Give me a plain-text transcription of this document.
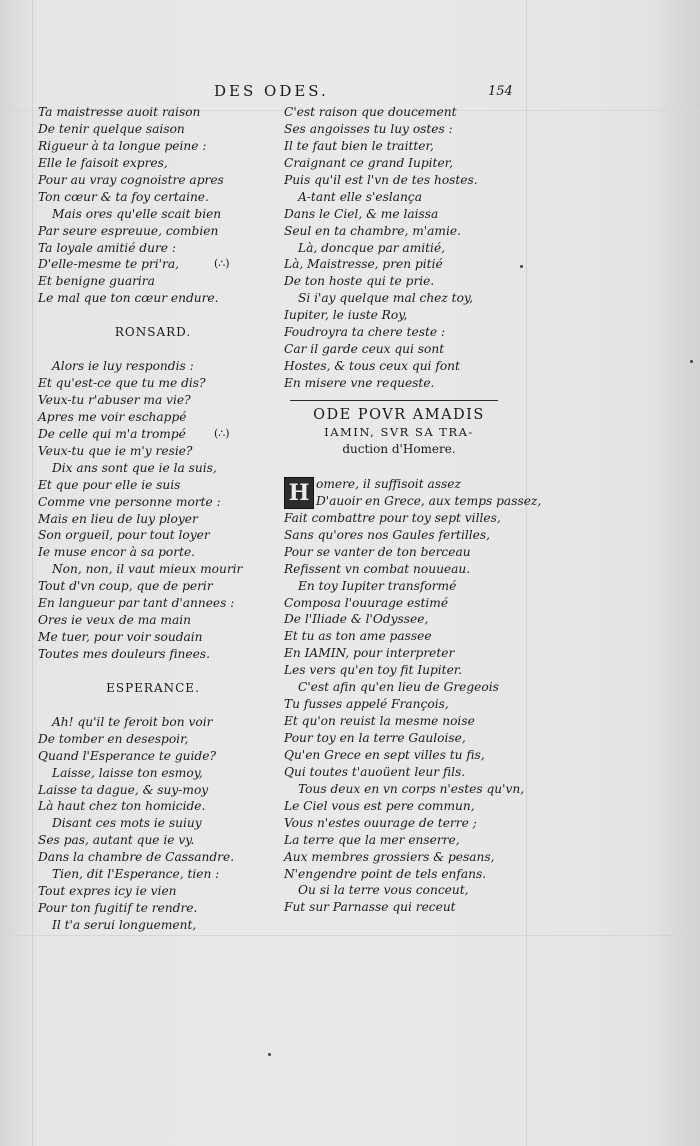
DES ODES.	154
Ta maistresse auoit raison
De tenir quelque saison
Rigueur à ta longue peine :
Elle le faisoit expres,
Pour au vray cognoistre apres
Ton cœur & ta foy certaine.
Mais ores qu'elle scait bien
Par seure espreuue, combien
Ta loyale amitié dure :
D'elle-mesme te pri'ra,	(∴)
Et benigne guarira
Le mal que ton cœur endure.
RONSARD.
Alors ie luy respondis :
Et qu'est-ce que tu me dis?
Veux-tu r'abuser ma vie?
Apres me voir eschappé
De celle qui m'a trompé	(∴)
Veux-tu que ie m'y resie?
Dix ans sont que ie la suis,
Et que pour elle ie suis
Comme vne personne morte :
Mais en lieu de luy ployer
Son orgueil, pour tout loyer
Ie muse encor à sa porte.
Non, non, il vaut mieux mourir
Tout d'vn coup, que de perir
En langueur par tant d'annees :
Ores ie veux de ma main
Me tuer, pour voir soudain
Toutes mes douleurs finees.
ESPERANCE.
Ah! qu'il te feroit bon voir
De tomber en desespoir,
Quand l'Esperance te guide?
Laisse, laisse ton esmoy,
Laisse ta dague, & suy-moy
Là haut chez ton homicide.
Disant ces mots ie suiuy
Ses pas, autant que ie vy.
Dans la chambre de Cassandre.
Tien, dit l'Esperance, tien :
Tout expres icy ie vien
Pour ton fugitif te rendre.
Il t'a serui longuement,
C'est raison que doucement
Ses angoisses tu luy ostes :
Il te faut bien le traitter,
Craignant ce grand Iupiter,
Puis qu'il est l'vn de tes hostes.
A-tant elle s'eslança
Dans le Ciel, & me laissa
Seul en ta chambre, m'amie.
Là, doncque par amitié,
Là, Maistresse, pren pitié
De ton hoste qui te prie.
Si i'ay quelque mal chez toy,
Iupiter, le iuste Roy,
Foudroyra ta chere teste :
Car il garde ceux qui sont
Hostes, & tous ceux qui font
En misere vne requeste.
ODE POVR AMADIS
IAMIN, SVR SA TRA-
duction d'Homere.
H omere, il suffisoit assez
D'auoir en Grece, aux temps passez,
Fait combattre pour toy sept villes,
Sans qu'ores nos Gaules fertilles,
Pour se vanter de ton berceau
Refissent vn combat nouueau.
En toy Iupiter transformé
Composa l'ouurage estimé
De l'Iliade & l'Odyssee,
Et tu as ton ame passee
En IAMIN, pour interpreter
Les vers qu'en toy fit Iupiter.
C'est afin qu'en lieu de Gregeois
Tu fusses appelé François,
Et qu'on reuist la mesme noise
Pour toy en la terre Gauloise,
Qu'en Grece en sept villes tu fis,
Qui toutes t'auoüent leur fils.
Tous deux en vn corps n'estes qu'vn,
Le Ciel vous est pere commun,
Vous n'estes ouurage de terre ;
La terre que la mer enserre,
Aux membres grossiers & pesans,
N'engendre point de tels enfans.
Ou si la terre vous conceut,
Fut sur Parnasse qui receut
